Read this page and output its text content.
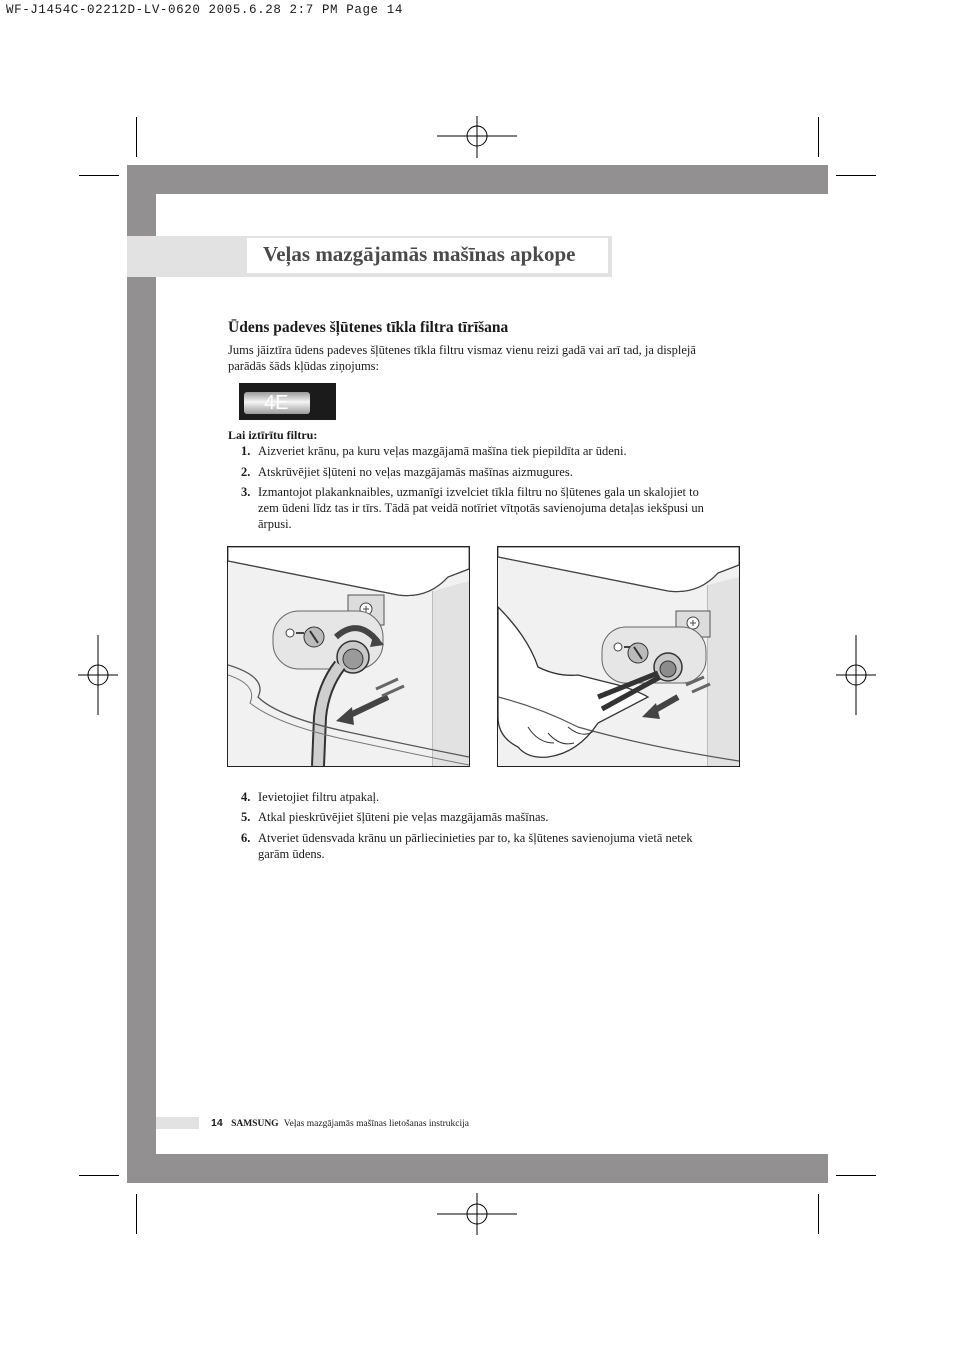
WF-J1454C-02212D-LV-0620 2005.6.28 2:7 PM Page 14
Veļas mazgājamās mašīnas apkope
Ūdens padeves šļūtenes tīkla filtra tīrīšana
Jums jāiztīra ūdens padeves šļūtenes tīkla filtru vismaz vienu reizi gadā vai arī tad, ja displejā parādās šāds kļūdas ziņojums:
4E
Lai iztīrītu filtru:
1. Aizveriet krānu, pa kuru veļas mazgājamā mašīna tiek piepildīta ar ūdeni.
2. Atskrūvējiet šļūteni no veļas mazgājamās mašīnas aizmugures.
3. Izmantojot plakanknaibles, uzmanīgi izvelciet tīkla filtru no šļūtenes gala un skalojiet to zem ūdeni līdz tas ir tīrs. Tādā pat veidā notīriet vītņotās savienojuma detaļas iekšpusi un ārpusi.
4. Ievietojiet filtru atpakaļ.
5. Atkal pieskrūvējiet šļūteni pie veļas mazgājamās mašīnas.
6. Atveriet ūdensvada krānu un pārliecinieties par to, ka šļūtenes savienojuma vietā netek garām ūdens.
14 SAMSUNG Veļas mazgājamās mašīnas lietošanas instrukcija
